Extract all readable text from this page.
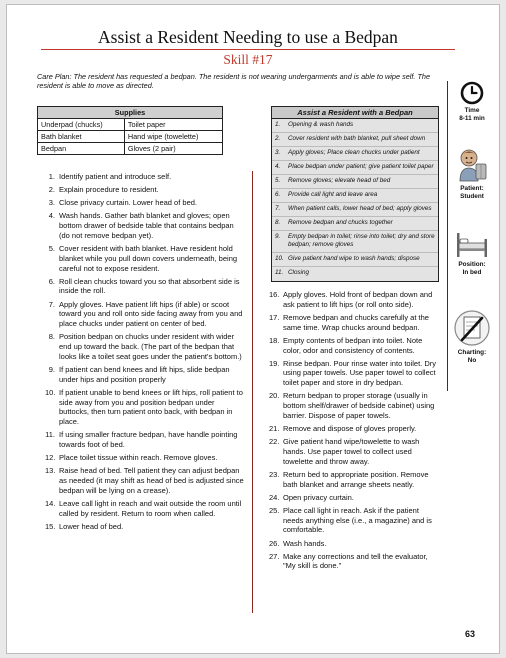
Assist a Resident Needing to use a Bedpan
Skill #17
Care Plan: The resident has requested a bedpan. The resident is not wearing undergarments and is able to wipe self. The resident is able to move as directed.
Supplies	
Underpad (chucks)	Toilet paper
Bath blanket	Hand wipe (towelette)
Bedpan	Gloves (2 pair)
Assist a Resident with a Bedpan
1.	Opening & wash hands
2.	Cover resident with bath blanket, pull sheet down
3.	Apply gloves; Place clean chucks under patient
4.	Place bedpan under patient; give patient toilet paper
5.	Remove gloves; elevate head of bed
6.	Provide call light and leave area
7.	When patient calls, lower head of bed; apply gloves
8.	Remove bedpan and chucks together
9.	Empty bedpan in toilet; rinse into toilet; dry and store bedpan; remove gloves
10. Give patient hand wipe to wash hands; dispose
11. Closing
1. Identify patient and introduce self.
2. Explain procedure to resident.
3. Close privacy curtain. Lower head of bed.
4. Wash hands. Gather bath blanket and gloves; open bottom drawer of bedside table that contains bedpan (do not remove bedpan yet).
5. Cover resident with bath blanket. Have resident hold blanket while you pull down covers underneath, being careful not to expose resident.
6. Roll clean chucks toward you so that absorbent side is inside the roll.
7. Apply gloves. Have patient lift hips (if able) or scoot toward you and roll onto side facing away from you and place chucks under patient on center of bed.
8. Position bedpan on chucks under resident with wider end up toward the back. (The part of the bedpan that looks like a toilet seat goes under the patient's bottom.)
9. If patient can bend knees and lift hips, slide bedpan under hips and position properly
10. If patient unable to bend knees or lift hips, roll patient to side away from you and position bedpan under buttocks, then turn patient onto back, with bedpan in place.
11. If using smaller fracture bedpan, have handle pointing towards foot of bed.
12. Place toilet tissue within reach. Remove gloves.
13. Raise head of bed. Tell patient they can adjust bedpan as needed (it may shift as head of bed is adjusted since bedpan will be lying on a crease).
14. Leave call light in reach and wait outside the room until called by resident. Return to room when called.
15. Lower head of bed.
16. Apply gloves. Hold front of bedpan down and ask patient to lift hips (or roll onto side).
17. Remove bedpan and chucks carefully at the same time. Wrap chucks around bedpan.
18. Empty contents of bedpan into toilet. Note color, odor and consistency of contents.
19. Rinse bedpan. Pour rinse water into toilet. Dry using paper towels. Use paper towel to collect toilet paper and store in dry bedpan.
20. Return bedpan to proper storage (usually in bottom shelf/drawer of bedside cabinet) using barrier. Dispose of paper towels.
21. Remove and dispose of gloves properly.
22. Give patient hand wipe/towelette to wash hands. Use paper towel to collect used towelette and throw away.
23. Return bed to appropriate position. Remove bath blanket and arrange sheets neatly.
24. Open privacy curtain.
25. Place call light in reach. Ask if the patient needs anything else (i.e., a magazine) and is comfortable.
26. Wash hands.
27. Make any corrections and tell the evaluator, "My skill is done."
Time
8-11 min
Patient:
Student
Position:
In bed
Charting:
No
63
